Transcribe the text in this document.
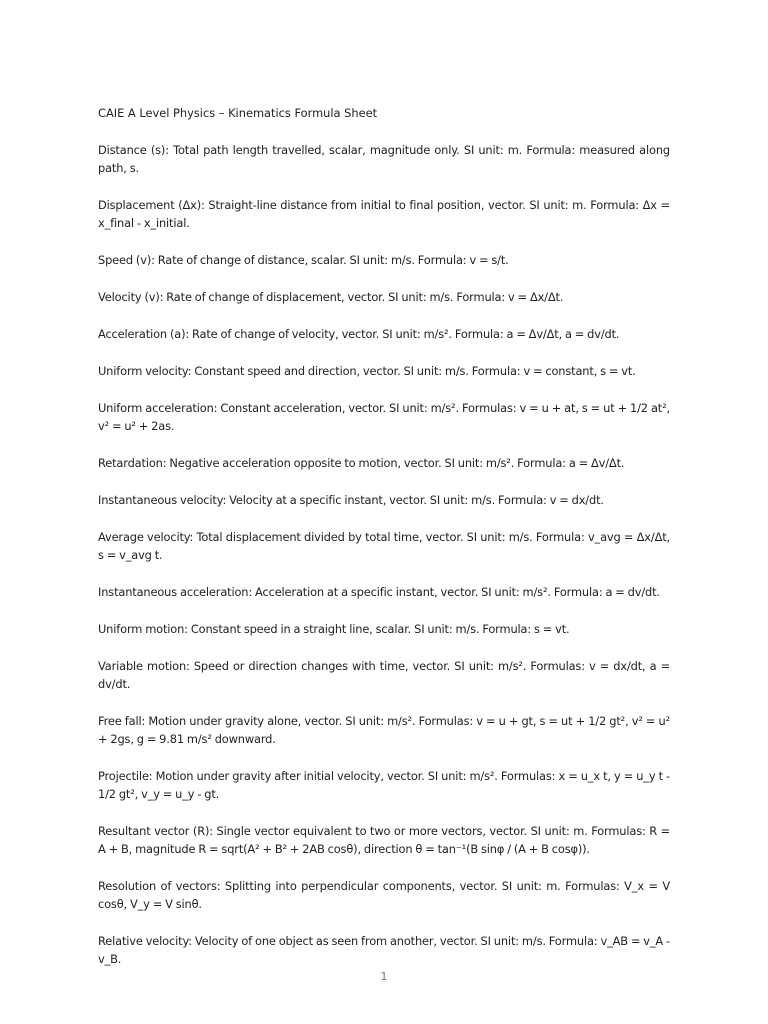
CAIE A Level Physics – Kinematics Formula Sheet

Distance (s): Total path length travelled, scalar, magnitude only. SI unit: m. Formula: measured along path, s.

Displacement (Δx): Straight-line distance from initial to final position, vector. SI unit: m. Formula: Δx = x_final - x_initial.

Speed (v): Rate of change of distance, scalar. SI unit: m/s. Formula: v = s/t.

Velocity (v): Rate of change of displacement, vector. SI unit: m/s. Formula: v = Δx/Δt.

Acceleration (a): Rate of change of velocity, vector. SI unit: m/s². Formula: a = Δv/Δt, a = dv/dt.

Uniform velocity: Constant speed and direction, vector. SI unit: m/s. Formula: v = constant, s = vt.

Uniform acceleration: Constant acceleration, vector. SI unit: m/s². Formulas: v = u + at, s = ut + 1/2 at², v² = u² + 2as.

Retardation: Negative acceleration opposite to motion, vector. SI unit: m/s². Formula: a = Δv/Δt.

Instantaneous velocity: Velocity at a specific instant, vector. SI unit: m/s. Formula: v = dx/dt.

Average velocity: Total displacement divided by total time, vector. SI unit: m/s. Formula: v_avg = Δx/Δt, s = v_avg t.

Instantaneous acceleration: Acceleration at a specific instant, vector. SI unit: m/s². Formula: a = dv/dt.

Uniform motion: Constant speed in a straight line, scalar. SI unit: m/s. Formula: s = vt.

Variable motion: Speed or direction changes with time, vector. SI unit: m/s². Formulas: v = dx/dt, a = dv/dt.

Free fall: Motion under gravity alone, vector. SI unit: m/s². Formulas: v = u + gt, s = ut + 1/2 gt², v² = u² + 2gs, g = 9.81 m/s² downward.

Projectile: Motion under gravity after initial velocity, vector. SI unit: m/s². Formulas: x = u_x t, y = u_y t - 1/2 gt², v_y = u_y - gt.

Resultant vector (R): Single vector equivalent to two or more vectors, vector. SI unit: m. Formulas: R = A + B, magnitude R = sqrt(A² + B² + 2AB cosθ), direction θ = tan⁻¹(B sinφ / (A + B cosφ)).

Resolution of vectors: Splitting into perpendicular components, vector. SI unit: m. Formulas: V_x = V cosθ, V_y = V sinθ.

Relative velocity: Velocity of one object as seen from another, vector. SI unit: m/s. Formula: v_AB = v_A - v_B.

1
